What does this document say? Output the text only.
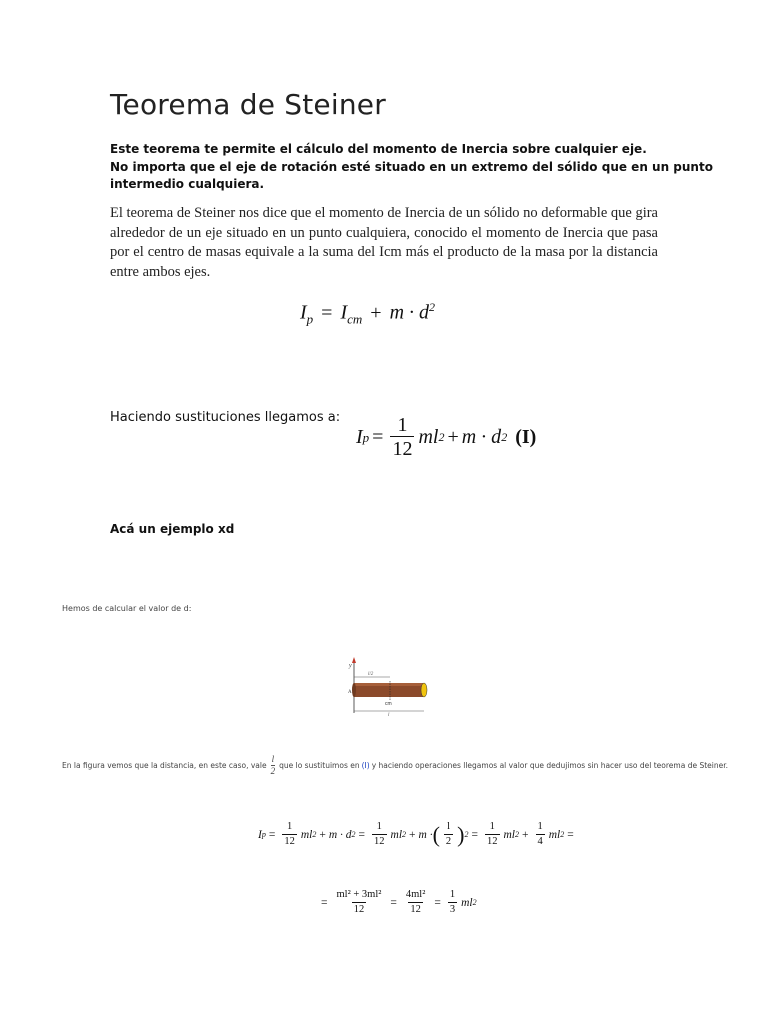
Teorema de Steiner
Este teorema te permite el cálculo del momento de Inercia sobre cualquier eje.
No importa que el eje de rotación esté situado en un extremo del sólido que en un punto
intermedio cualquiera.
El teorema de Steiner nos dice que el momento de Inercia de un sólido no deformable que gira alrededor de un eje situado en un punto cualquiera, conocido el momento de Inercia que pasa por el centro de masas equivale a la suma del Icm más el producto de la masa por la distancia entre ambos ejes.
$I_p = I_{cm} + m \cdot d^2$
Haciendo sustituciones llegamos a:
I $p = \frac{1}{12}$ ml 2 + m · d 2 (I)
Acá un ejemplo xd
Hemos de calcular el valor de d:
y
l/2
A
cm
l
En la figura vemos que la distancia, en este caso, vale $\frac{l}{2}$ que lo sustituimos en (I) y haciendo operaciones llegamos al valor que dedujimos sin hacer uso del teorema de Steiner.
I $p = \frac{1}{12}$ ml 2 + m · d $2 = \frac{1}{12}$ ml 2 + m · ( $\frac{l}{2}$ ) $2 = \frac{1}{12}$ ml $2 + \frac{1}{4}$ ml 2 =
= $\frac{\text{ml² + 3ml²}}{12} = \frac{\text{4ml²}}{12} = \frac{1}{3}$ ml 2
